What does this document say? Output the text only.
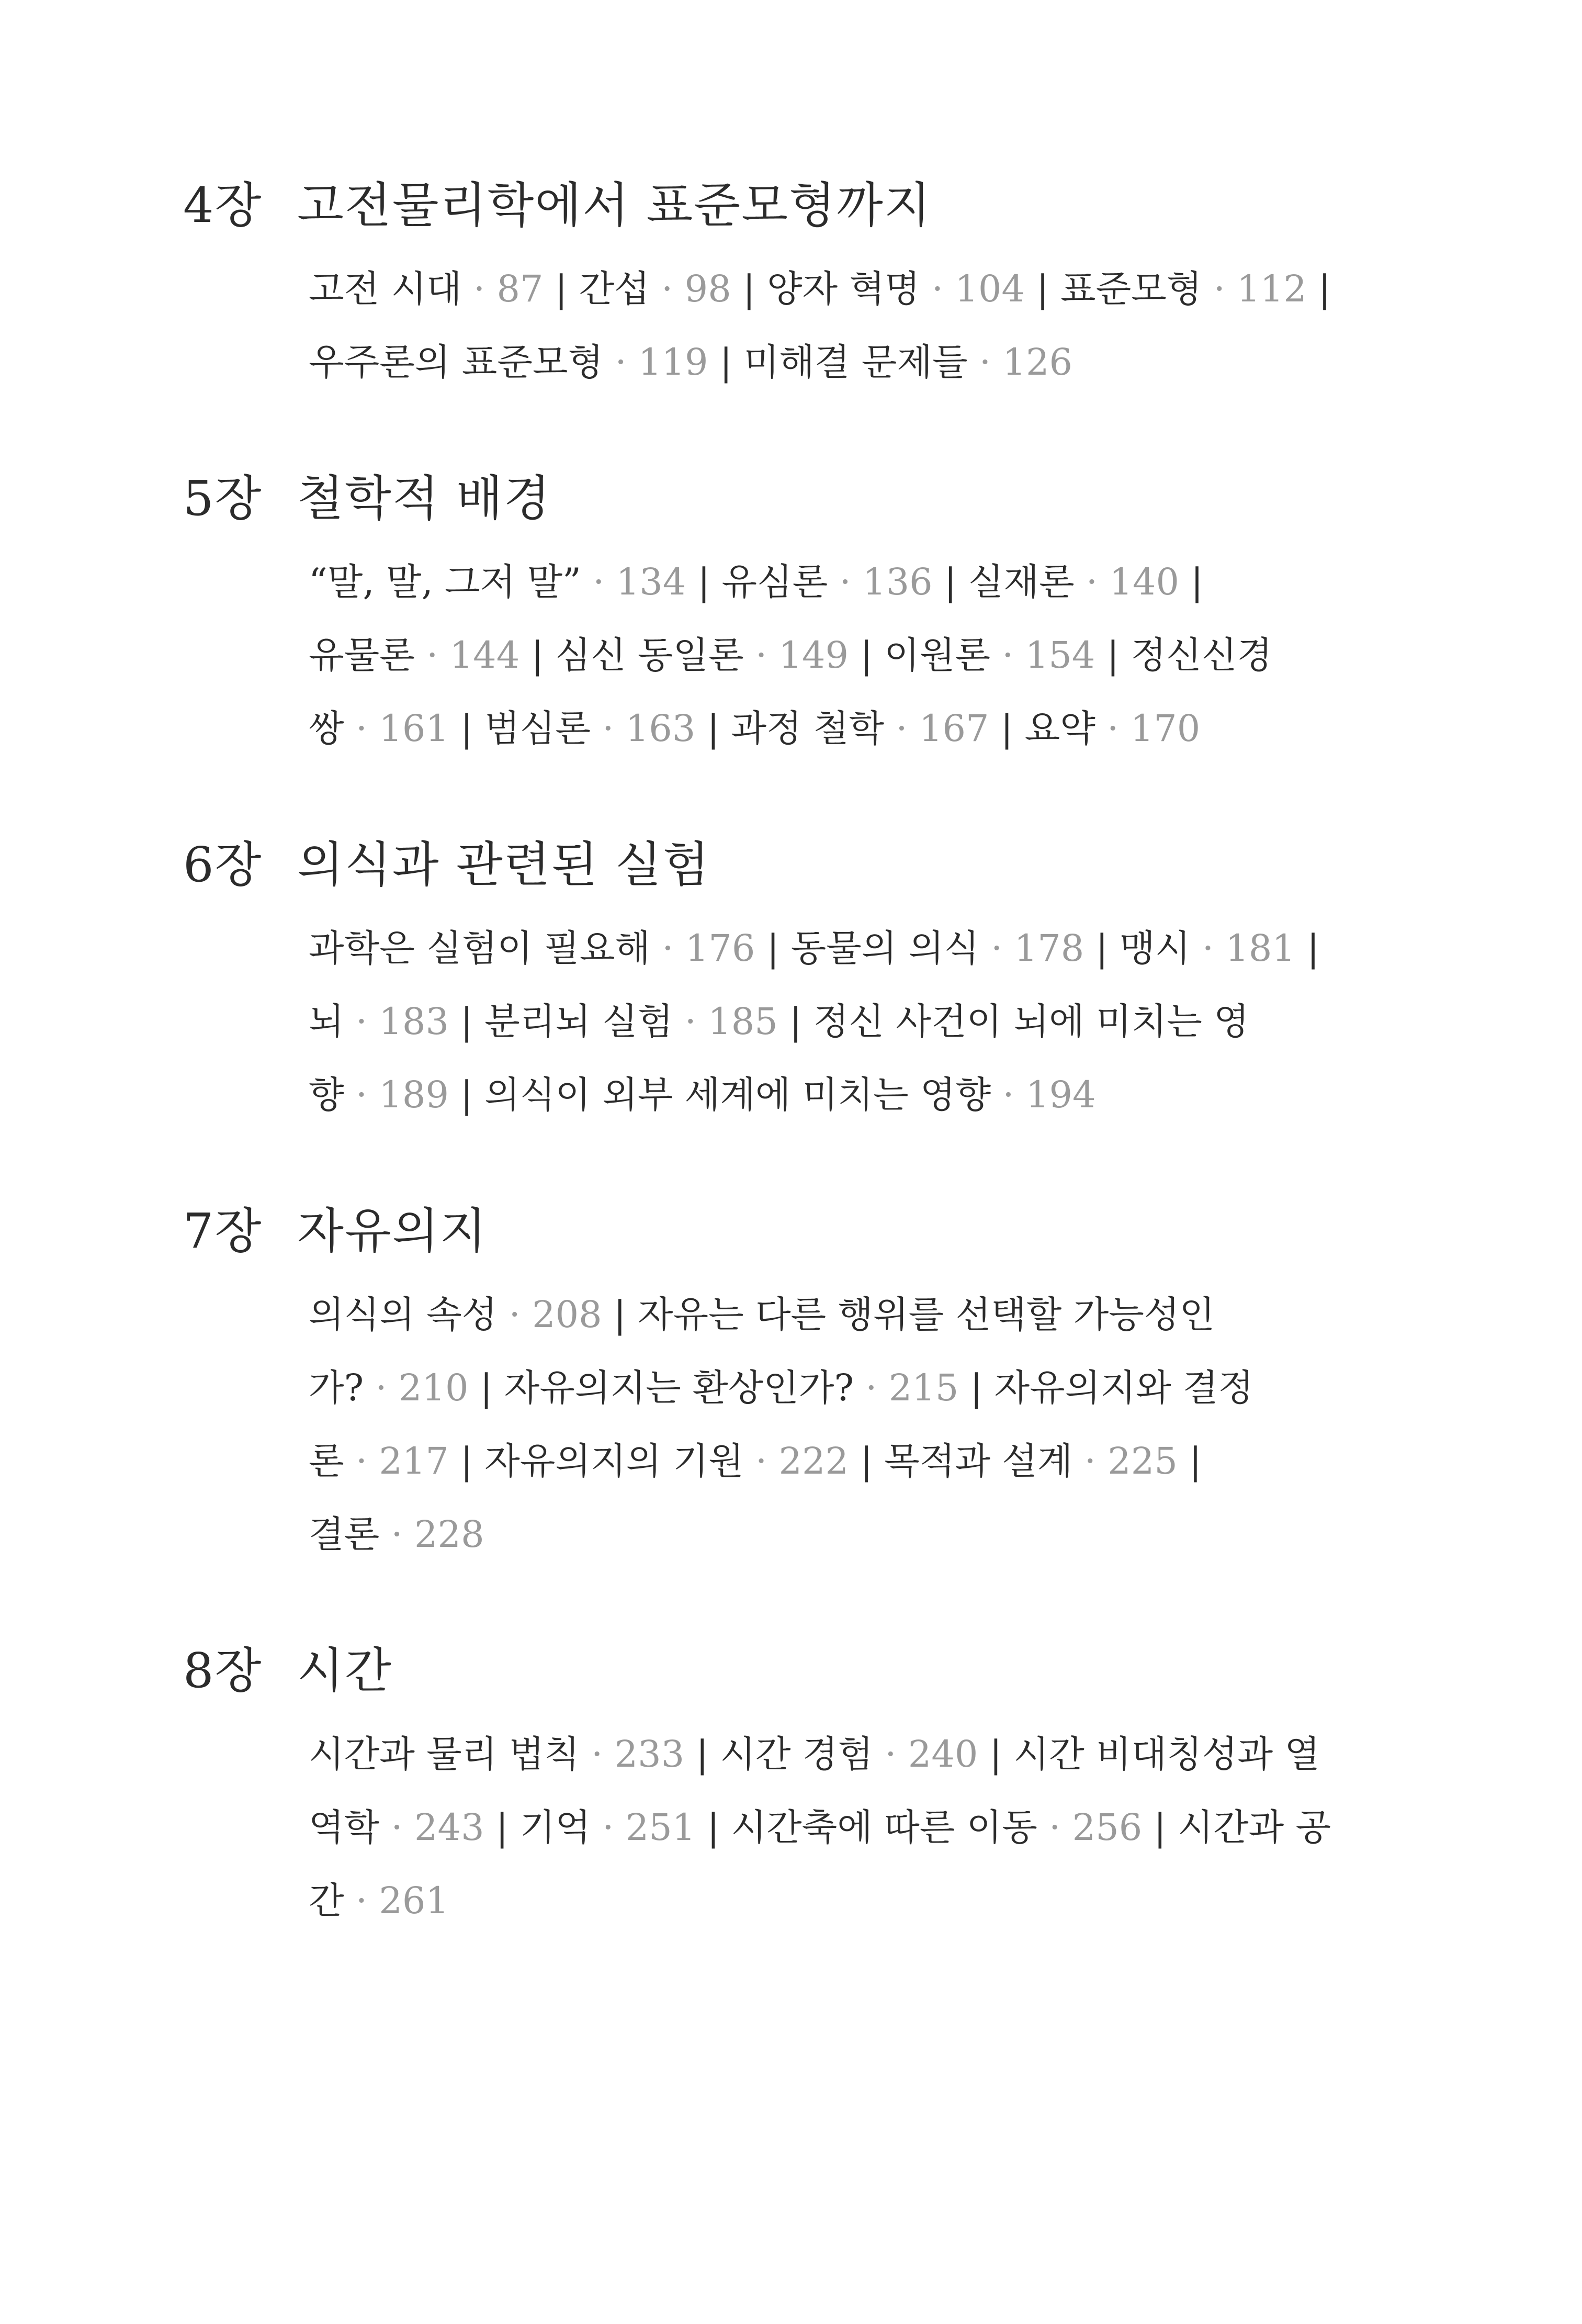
4장 고전물리학에서 표준모형까지
고전 시대 · 87 | 간섭 · 98 | 양자 혁명 · 104 | 표준모형 · 112 |
우주론의 표준모형 · 119 | 미해결 문제들 · 126
5장 철학적 배경
“말, 말, 그저 말” · 134 | 유심론 · 136 | 실재론 · 140 |
유물론 · 144 | 심신 동일론 · 149 | 이원론 · 154 | 정신신경
쌍 · 161 | 범심론 · 163 | 과정 철학 · 167 | 요약 · 170
6장 의식과 관련된 실험
과학은 실험이 필요해 · 176 | 동물의 의식 · 178 | 맹시 · 181 |
뇌 · 183 | 분리뇌 실험 · 185 | 정신 사건이 뇌에 미치는 영
향 · 189 | 의식이 외부 세계에 미치는 영향 · 194
7장 자유의지
의식의 속성 · 208 | 자유는 다른 행위를 선택할 가능성인
가? · 210 | 자유의지는 환상인가? · 215 | 자유의지와 결정
론 · 217 | 자유의지의 기원 · 222 | 목적과 설계 · 225 |
결론 · 228
8장 시간
시간과 물리 법칙 · 233 | 시간 경험 · 240 | 시간 비대칭성과 열
역학 · 243 | 기억 · 251 | 시간축에 따른 이동 · 256 | 시간과 공
간 · 261
